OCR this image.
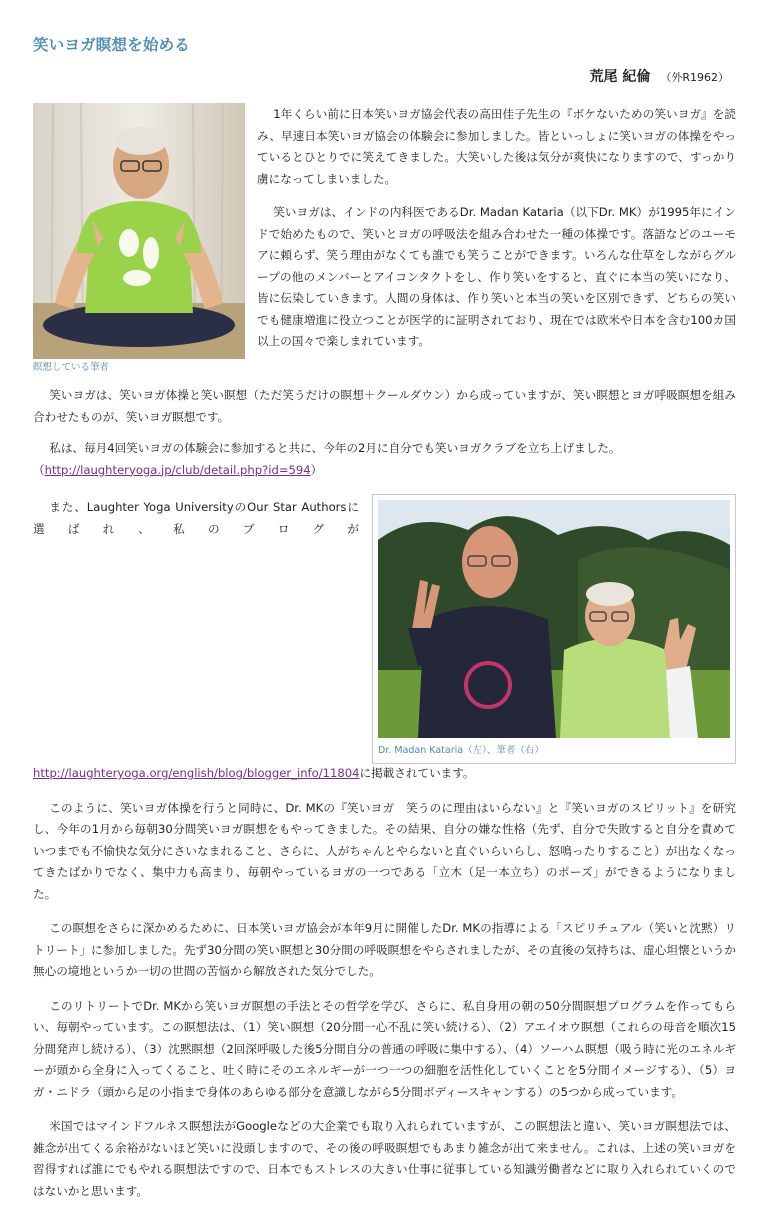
笑いヨガ瞑想を始める
荒尾 紀倫 （外R1962）
瞑想している筆者

1年くらい前に日本笑いヨガ協会代表の高田佳子先生の『ボケないための笑いヨガ』を読み、早速日本笑いヨガ協会の体験会に参加しました。皆といっしょに笑いヨガの体操をやっているとひとりでに笑えてきました。大笑いした後は気分が爽快になりますので、すっかり虜になってしまいました。

笑いヨガは、インドの内科医であるDr. Madan Kataria（以下Dr. MK）が1995年にインドで始めたもので、笑いとヨガの呼吸法を組み合わせた一種の体操です。落語などのユーモアに頼らず、笑う理由がなくても誰でも笑うことができます。いろんな仕草をしながらグループの他のメンバーとアイコンタクトをし、作り笑いをすると、直ぐに本当の笑いになり、皆に伝染していきます。人間の身体は、作り笑いと本当の笑いを区別できず、どちらの笑いでも健康増進に役立つことが医学的に証明されており、現在では欧米や日本を含む100カ国以上の国々で楽しまれています。

笑いヨガは、笑いヨガ体操と笑い瞑想（ただ笑うだけの瞑想＋クールダウン）から成っていますが、笑い瞑想とヨガ呼吸瞑想を組み合わせたものが、笑いヨガ瞑想です。

私は、毎月4回笑いヨガの体験会に参加すると共に、今年の2月に自分でも笑いヨガクラブを立ち上げました。
（http://laughteryoga.jp/club/detail.php?id=594）

Dr. Madan Kataria（左）、筆者（右）

また、Laughter Yoga UniversityのOur Star Authorsに選ばれ、私のブログが

http://laughteryoga.org/english/blog/blogger_info/11804に掲載されています。

このように、笑いヨガ体操を行うと同時に、Dr. MKの『笑いヨガ　笑うのに理由はいらない』と『笑いヨガのスピリット』を研究し、今年の1月から毎朝30分間笑いヨガ瞑想をもやってきました。その結果、自分の嫌な性格（先ず、自分で失敗すると自分を責めていつまでも不愉快な気分にさいなまれること、さらに、人がちゃんとやらないと直ぐいらいらし、怒鳴ったりすること）が出なくなってきたばかりでなく、集中力も高まり、毎朝やっているヨガの一つである「立木（足一本立ち）のポーズ」ができるようになりました。

この瞑想をさらに深かめるために、日本笑いヨガ協会が本年9月に開催したDr. MKの指導による「スピリチュアル（笑いと沈黙）リトリート」に参加しました。先ず30分間の笑い瞑想と30分間の呼吸瞑想をやらされましたが、その直後の気持ちは、虚心坦懐というか無心の境地というか一切の世間の苦悩から解放された気分でした。

このリトリートでDr. MKから笑いヨガ瞑想の手法とその哲学を学び、さらに、私自身用の朝の50分間瞑想プログラムを作ってもらい、毎朝やっています。この瞑想法は、（1）笑い瞑想（20分間一心不乱に笑い続ける）、（2）アエイオウ瞑想（これらの母音を順次15分間発声し続ける）、（3）沈黙瞑想（2回深呼吸した後5分間自分の普通の呼吸に集中する）、（4）ソーハム瞑想（吸う時に光のエネルギーが頭から全身に入ってくること、吐く時にそのエネルギーが一つ一つの細胞を活性化していくことを5分間イメージする）、（5）ヨガ・ニドラ（頭から足の小指まで身体のあらゆる部分を意識しながら5分間ボディースキャンする）の5つから成っています。

米国ではマインドフルネス瞑想法がGoogleなどの大企業でも取り入れられていますが、この瞑想法と違い、笑いヨガ瞑想法では、雑念が出てくる余裕がないほど笑いに没頭しますので、その後の呼吸瞑想でもあまり雑念が出て来ません。これは、上述の笑いヨガを習得すれば誰にでもやれる瞑想法ですので、日本でもストレスの大きい仕事に従事している知識労働者などに取り入れられていくのではないかと思います。
